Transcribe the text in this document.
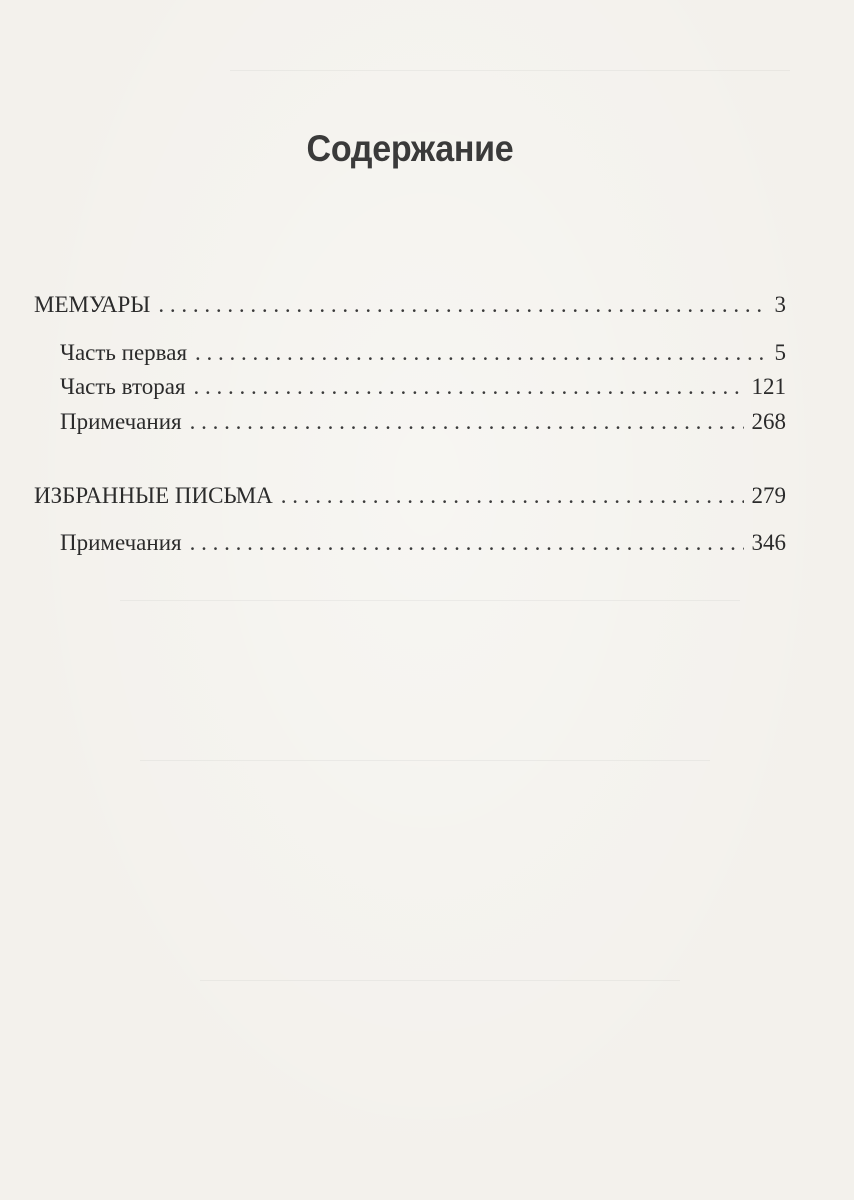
Содержание
МЕМУАРЫ . . .	3
Часть первая . . .	5
Часть вторая . . .	121
Примечания . . .	268
ИЗБРАННЫЕ ПИСЬМА . . .	279
Примечания . . .	346
